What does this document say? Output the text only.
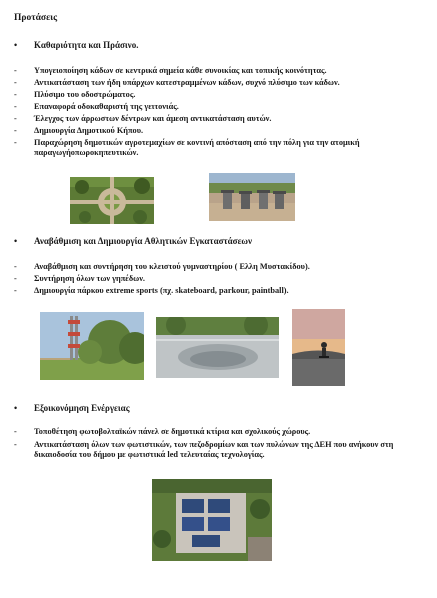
Προτάσεις
•	Καθαριότητα και Πράσινο.
-	Υπογειοποίηση κάδων σε κεντρικά σημεία κάθε συνοικίας και τοπικής κοινότητας.
-	Αντικατάσταση των ήδη υπάρχων κατεστραμμένων κάδων, συχνό πλύσιμο των κάδων.
-	Πλύσιμο του οδοστρώματος.
-	Επαναφορά οδοκαθαριστή της γειτονιάς.
-	Έλεγχος των άρρωστων δέντρων και άμεση αντικατάσταση αυτών.
-	Δημιουργία Δημοτικού Κήπου.
-	Παραχώρηση δημοτικών αγροτεμαχίων σε κοντινή απόσταση από την πόλη για την ατομική παραγωγήοπωροκηπευτικών.
•	Αναβάθμιση και Δημιουργία Αθλητικών Εγκαταστάσεων
-	Αναβάθμιση και συντήρηση του κλειστού γυμναστηρίου ( Ελλη Μυστακίδου).
-	Συντήρηση όλων των γηπέδων.
-	Δημιουργία πάρκου extreme sports (πχ. skateboard, parkour, paintball).
•	Εξοικονόμηση Ενέργειας
-	Τοποθέτηση φωτοβολταϊκών πάνελ σε δημοτικά κτίρια και σχολικούς χώρους.
-	Αντικατάσταση όλων των φωτιστικών, των πεζοδρομίων και των πυλώνων της ΔΕΗ που ανήκουν στη δικαιοδοσία του δήμου με φωτιστικά led τελευταίας τεχνολογίας.
